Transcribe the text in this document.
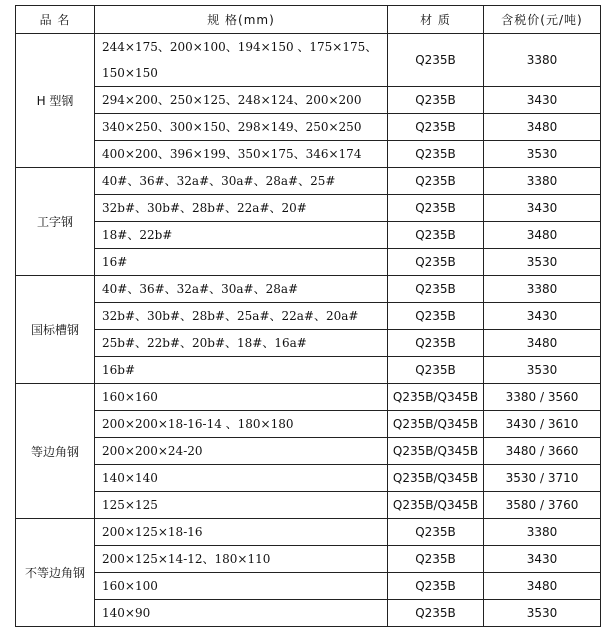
品 名	规 格(mm)	材 质	含税价(元/吨)
H 型钢	244×175、200×100、194×150 、175×175、150×150	Q235B	3380
	294×200、250×125、248×124、200×200	Q235B	3430
	340×250、300×150、298×149、250×250	Q235B	3480
	400×200、396×199、350×175、346×174	Q235B	3530
工字钢	40#、36#、32a#、30a#、28a#、25#	Q235B	3380
	32b#、30b#、28b#、22a#、20#	Q235B	3430
	18#、22b#	Q235B	3480
	16#	Q235B	3530
国标槽钢	40#、36#、32a#、30a#、28a#	Q235B	3380
	32b#、30b#、28b#、25a#、22a#、20a#	Q235B	3430
	25b#、22b#、20b#、18#、16a#	Q235B	3480
	16b#	Q235B	3530
等边角钢	160×160	Q235B/Q345B	3380 / 3560
	200×200×18-16-14 、180×180	Q235B/Q345B	3430 / 3610
	200×200×24-20	Q235B/Q345B	3480 / 3660
	140×140	Q235B/Q345B	3530 / 3710
	125×125	Q235B/Q345B	3580 / 3760
不等边角钢	200×125×18-16	Q235B	3380
	200×125×14-12、180×110	Q235B	3430
	160×100	Q235B	3480
	140×90	Q235B	3530
